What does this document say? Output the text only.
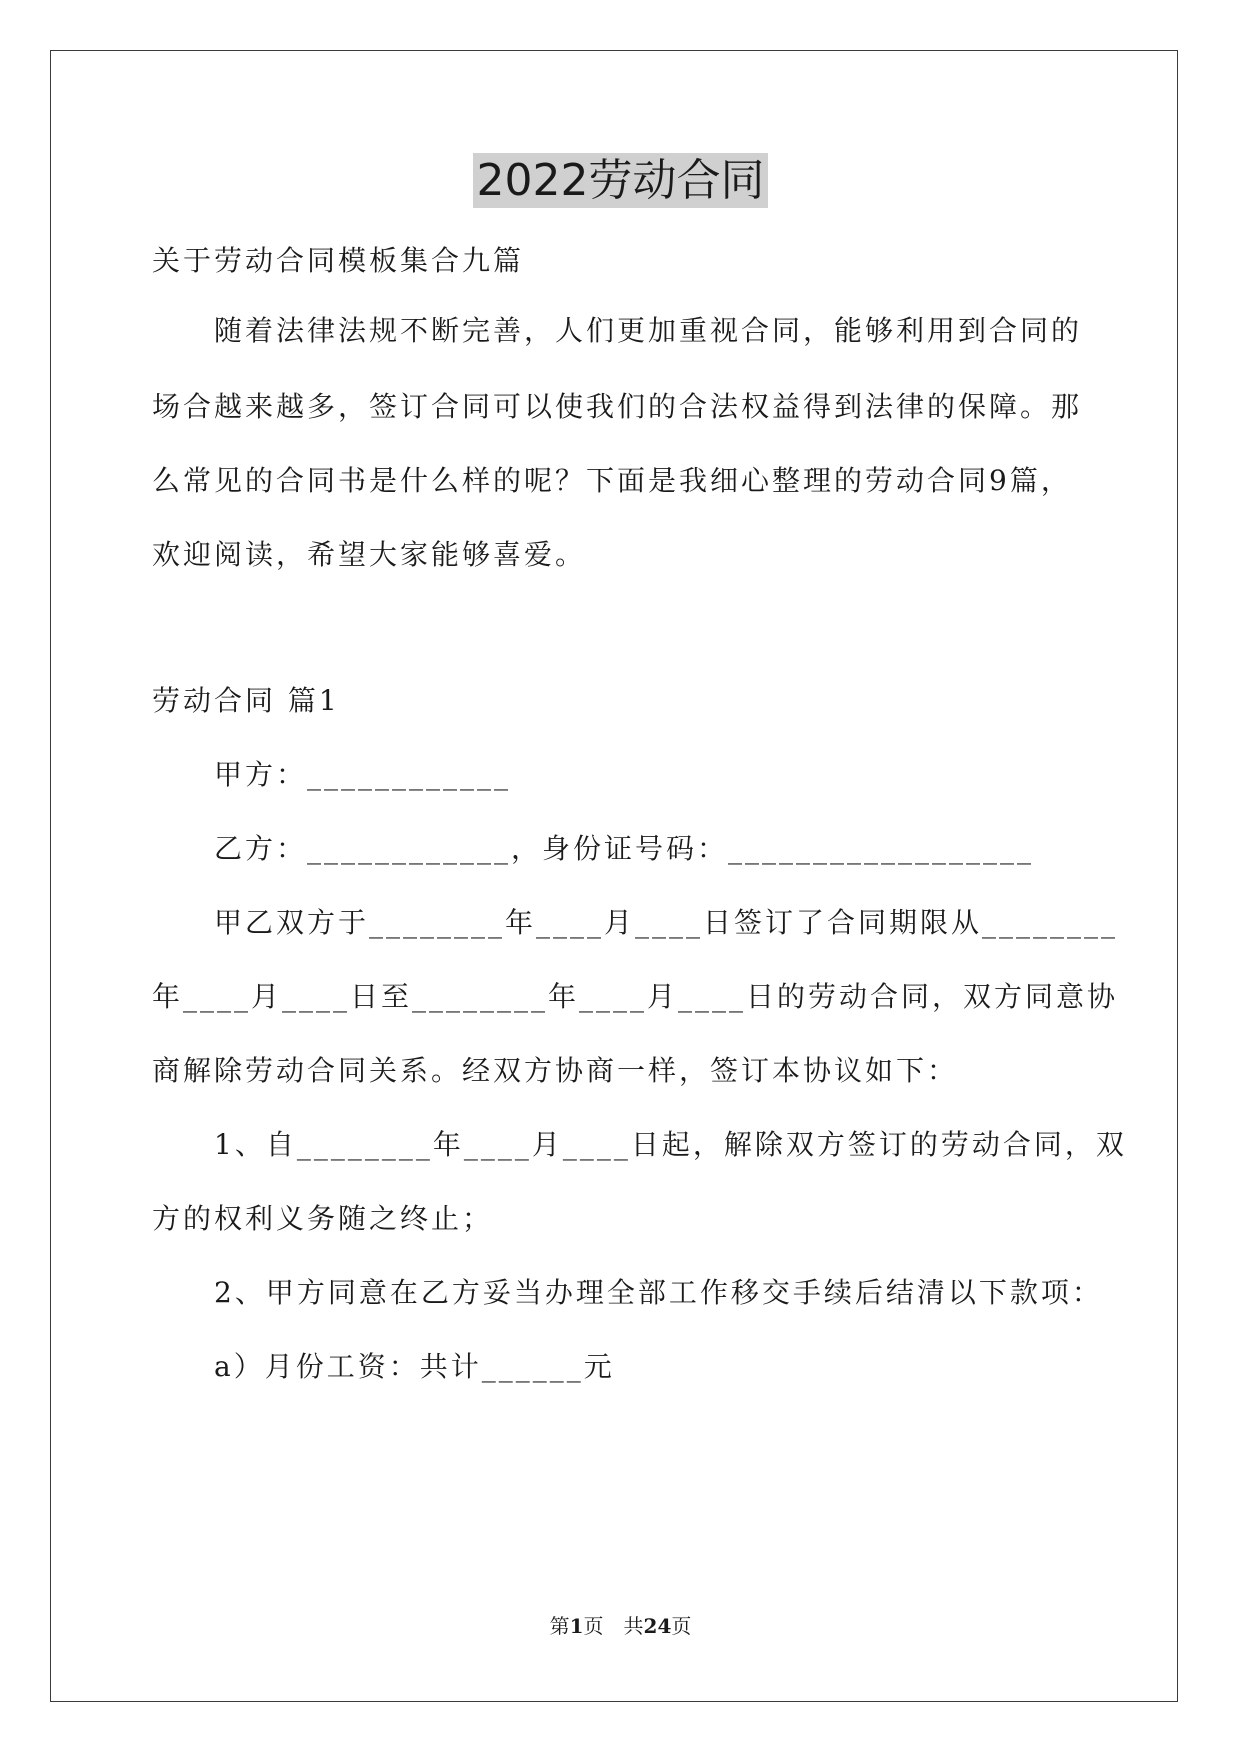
2022劳动合同

关于劳动合同模板集合九篇

随着法律法规不断完善，人们更加重视合同，能够利用到合同的

场合越来越多，签订合同可以使我们的合法权益得到法律的保障。那

么常见的合同书是什么样的呢？下面是我细心整理的劳动合同9篇，

欢迎阅读，希望大家能够喜爱。

劳动合同 篇1

甲方：____________

乙方：____________，身份证号码：__________________

甲乙双方于________年____月____日签订了合同期限从________

年____月____日至________年____月____日的劳动合同，双方同意协

商解除劳动合同关系。经双方协商一样，签订本协议如下：

1、自________年____月____日起，解除双方签订的劳动合同，双

方的权利义务随之终止；

2、甲方同意在乙方妥当办理全部工作移交手续后结清以下款项：

a）月份工资：共计______元

第1页　共24页
